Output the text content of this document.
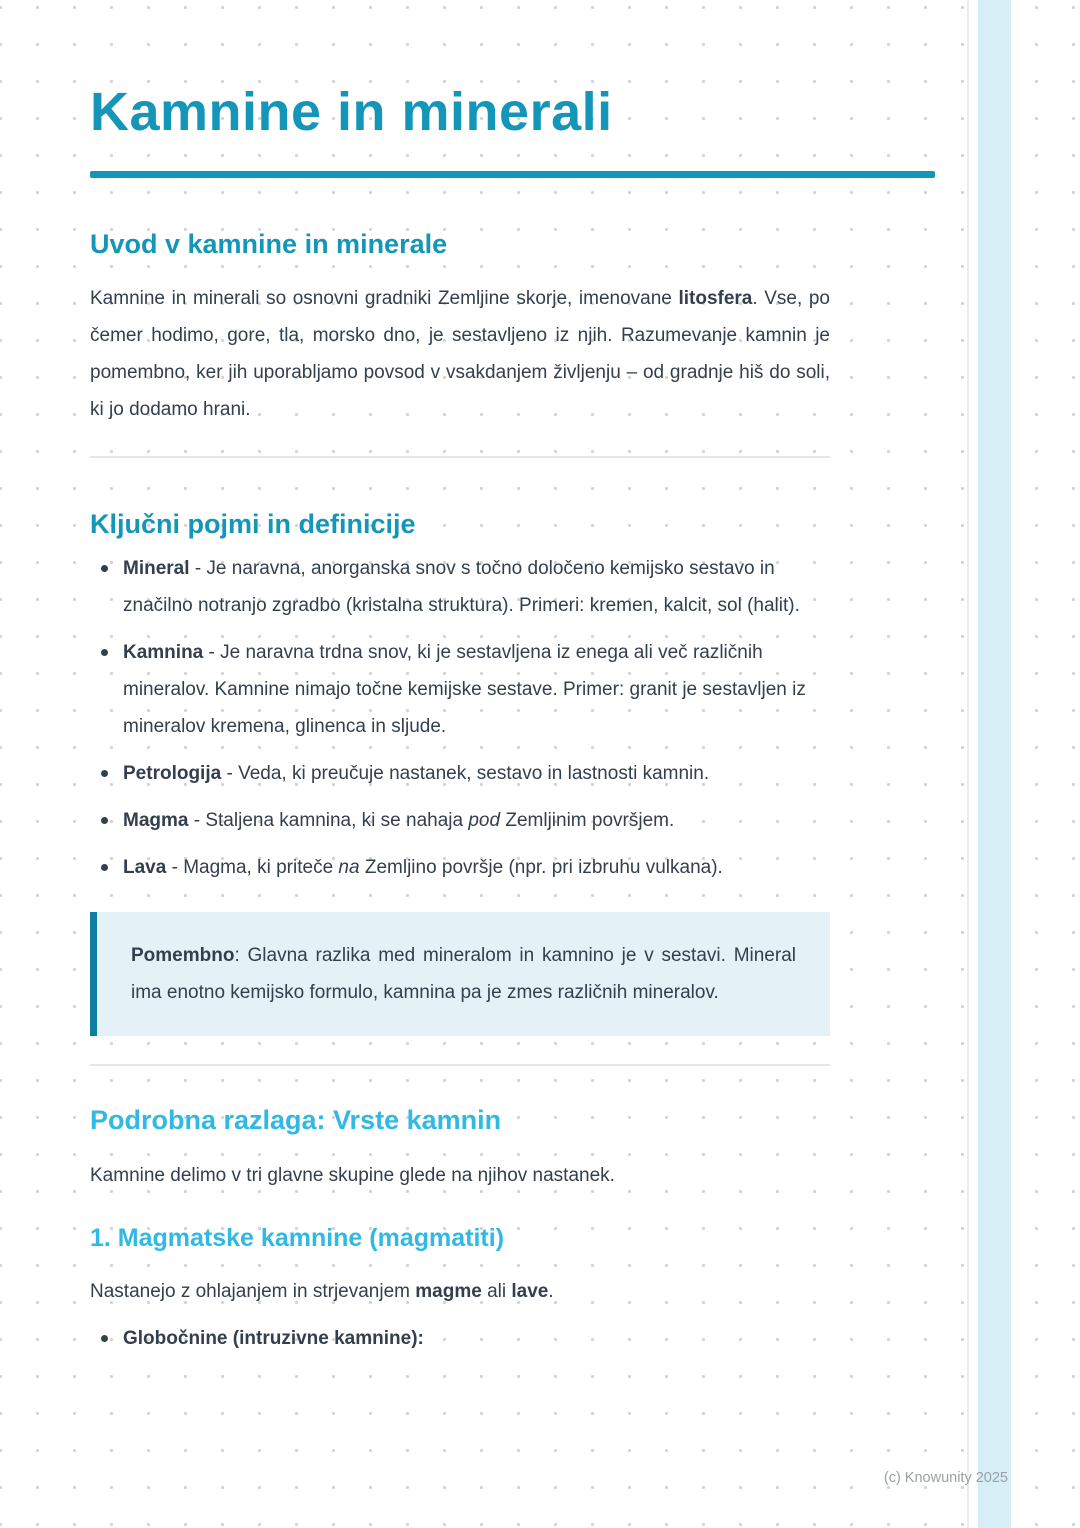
Kamnine in minerali
Uvod v kamnine in minerale

Kamnine in minerali so osnovni gradniki Zemljine skorje, imenovane litosfera. Vse, po čemer hodimo, gore, tla, morsko dno, je sestavljeno iz njih. Razumevanje kamnin je pomembno, ker jih uporabljamo povsod v vsakdanjem življenju – od gradnje hiš do soli, ki jo dodamo hrani.

Ključni pojmi in definicije
Mineral - Je naravna, anorganska snov s točno določeno kemijsko sestavo in značilno notranjo zgradbo (kristalna struktura). Primeri: kremen, kalcit, sol (halit).
Kamnina - Je naravna trdna snov, ki je sestavljena iz enega ali več različnih mineralov. Kamnine nimajo točne kemijske sestave. Primer: granit je sestavljen iz mineralov kremena, glinenca in sljude.
Petrologija - Veda, ki preučuje nastanek, sestavo in lastnosti kamnin.
Magma - Staljena kamnina, ki se nahaja pod Zemljinim površjem.
Lava - Magma, ki priteče na Zemljino površje (npr. pri izbruhu vulkana).

Pomembno: Glavna razlika med mineralom in kamnino je v sestavi. Mineral ima enotno kemijsko formulo, kamnina pa je zmes različnih mineralov.

Podrobna razlaga: Vrste kamnin

Kamnine delimo v tri glavne skupine glede na njihov nastanek.

1. Magmatske kamnine (magmatiti)

Nastanejo z ohlajanjem in strjevanjem magme ali lave.

Globočnine (intruzivne kamnine):
(c) Knowunity 2025
